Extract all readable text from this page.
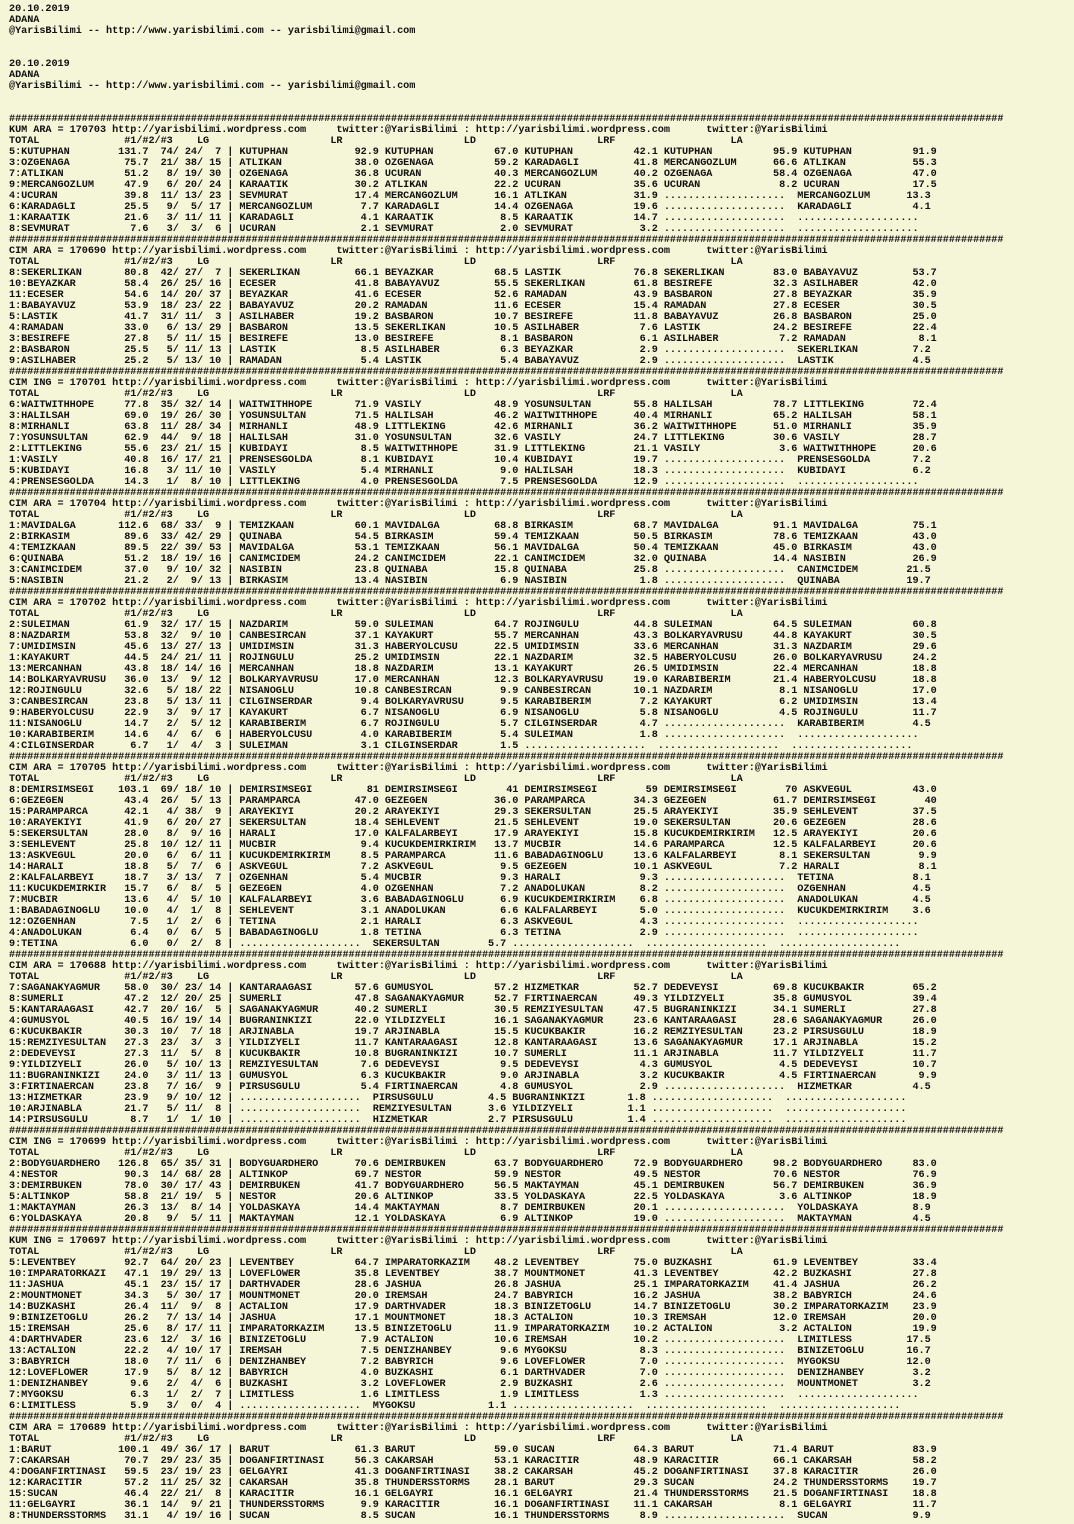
20.10.2019
ADANA
@YarisBilimi -- http://www.yarisbilimi.com -- yarisbilimi@gmail.com
20.10.2019
ADANA
@YarisBilimi -- http://www.yarisbilimi.com -- yarisbilimi@gmail.com
####################################################################################################################################################################
KUM ARA = 170703 http://yarisbilimi.wordpress.com     twitter:@YarisBilimi : http://yarisbilimi.wordpress.com      twitter:@YarisBilimi
TOTAL              #1/#2/#3    LG                    LR                    LD                    LRF                   LA
5:KUTUPHAN        131.7  74/ 24/  7 | KUTUPHAN           92.9 KUTUPHAN          67.0 KUTUPHAN          42.1 KUTUPHAN          95.9 KUTUPHAN          91.9
3:OZGENAGA         75.7  21/ 38/ 15 | ATLIKAN            38.0 OZGENAGA          59.2 KARADAGLI         41.8 MERCANGOZLUM      66.6 ATLIKAN           55.3
7:ATLIKAN          51.2   8/ 19/ 30 | OZGENAGA           36.8 UCURAN            40.3 MERCANGOZLUM      40.2 OZGENAGA          58.4 OZGENAGA          47.0
9:MERCANGOZLUM     47.9   6/ 20/ 24 | KARAATIK           30.2 ATLIKAN           22.2 UCURAN            35.6 UCURAN             8.2 UCURAN            17.5
4:UCURAN           39.8  11/ 13/ 23 | SEVMURAT           17.4 MERCANGOZLUM      16.1 ATLIKAN           31.9 ....................  MERCANGOZLUM      13.3
6:KARADAGLI        25.5   9/  5/ 17 | MERCANGOZLUM        7.7 KARADAGLI         14.4 OZGENAGA          19.6 ....................  KARADAGLI          4.1
1:KARAATIK         21.6   3/ 11/ 11 | KARADAGLI           4.1 KARAATIK           8.5 KARAATIK          14.7 ....................  ....................
8:SEVMURAT          7.6   3/  3/  6 | UCURAN              2.1 SEVMURAT           2.0 SEVMURAT           3.2 ....................  ....................
####################################################################################################################################################################
CIM ARA = 170690 http://yarisbilimi.wordpress.com     twitter:@YarisBilimi : http://yarisbilimi.wordpress.com      twitter:@YarisBilimi
TOTAL              #1/#2/#3    LG                    LR                    LD                    LRF                   LA
8:SEKERLIKAN       80.8  42/ 27/  7 | SEKERLIKAN         66.1 BEYAZKAR          68.5 LASTIK            76.8 SEKERLIKAN        83.0 BABAYAVUZ         53.7
10:BEYAZKAR        58.4  26/ 25/ 16 | ECESER             41.8 BABAYAVUZ         55.5 SEKERLIKAN        61.8 BESIREFE          32.3 ASILHABER         42.0
11:ECESER          54.6  14/ 20/ 37 | BEYAZKAR           41.6 ECESER            52.6 RAMADAN           43.9 BASBARON          27.8 BEYAZKAR          35.9
1:BABAYAVUZ        53.9  18/ 23/ 22 | BABAYAVUZ          20.2 RAMADAN           11.6 ECESER            15.4 RAMADAN           27.8 ECESER            30.5
5:LASTIK           41.7  31/ 11/  3 | ASILHABER          19.2 BASBARON          10.7 BESIREFE          11.8 BABAYAVUZ         26.8 BASBARON          25.0
4:RAMADAN          33.0   6/ 13/ 29 | BASBARON           13.5 SEKERLIKAN        10.5 ASILHABER          7.6 LASTIK            24.2 BESIREFE          22.4
3:BESIREFE         27.8   5/ 11/ 15 | BESIREFE           13.0 BESIREFE           8.1 BASBARON           6.1 ASILHABER          7.2 RAMADAN            8.1
2:BASBARON         25.5   5/ 11/ 13 | LASTIK              8.5 ASILHABER          6.3 BEYAZKAR           2.9 ....................  SEKERLIKAN         7.2
9:ASILHABER        25.2   5/ 13/ 10 | RAMADAN             5.4 LASTIK             5.4 BABAYAVUZ          2.9 ....................  LASTIK             4.5
####################################################################################################################################################################
CIM ING = 170701 http://yarisbilimi.wordpress.com     twitter:@YarisBilimi : http://yarisbilimi.wordpress.com      twitter:@YarisBilimi
TOTAL              #1/#2/#3    LG                    LR                    LD                    LRF                   LA
6:WAITWITHHOPE     77.8  35/ 32/ 14 | WAITWITHHOPE       71.9 VASILY            48.9 YOSUNSULTAN       55.8 HALILSAH          78.7 LITTLEKING        72.4
3:HALILSAH         69.0  19/ 26/ 30 | YOSUNSULTAN        71.5 HALILSAH          46.2 WAITWITHHOPE      40.4 MIRHANLI          65.2 HALILSAH          58.1
8:MIRHANLI         63.8  11/ 28/ 34 | MIRHANLI           48.9 LITTLEKING        42.6 MIRHANLI          36.2 WAITWITHHOPE      51.0 MIRHANLI          35.9
7:YOSUNSULTAN      62.9  44/  9/ 18 | HALILSAH           31.0 YOSUNSULTAN       32.6 VASILY            24.7 LITTLEKING        30.6 VASILY            28.7
2:LITTLEKING       55.6  23/ 21/ 15 | KUBIDAYI            8.5 WAITWITHHOPE      31.9 LITTLEKING        21.1 VASILY             3.6 WAITWITHHOPE      20.6
1:VASILY           40.8  16/ 17/ 21 | PRENSESGOLDA        8.1 KUBIDAYI          10.4 KUBIDAYI          19.7 ....................  PRENSESGOLDA       7.2
5:KUBIDAYI         16.8   3/ 11/ 10 | VASILY              5.4 MIRHANLI           9.0 HALILSAH          18.3 ....................  KUBIDAYI           6.2
4:PRENSESGOLDA     14.3   1/  8/ 10 | LITTLEKING          4.0 PRENSESGOLDA       7.5 PRENSESGOLDA      12.9 ....................  ....................
####################################################################################################################################################################
CIM ARA = 170704 http://yarisbilimi.wordpress.com     twitter:@YarisBilimi : http://yarisbilimi.wordpress.com      twitter:@YarisBilimi
TOTAL              #1/#2/#3    LG                    LR                    LD                    LRF                   LA
1:MAVIDALGA       112.6  68/ 33/  9 | TEMIZKAAN          60.1 MAVIDALGA         68.8 BIRKASIM          68.7 MAVIDALGA         91.1 MAVIDALGA         75.1
2:BIRKASIM         89.6  33/ 42/ 29 | QUINABA            54.5 BIRKASIM          59.4 TEMIZKAAN         50.5 BIRKASIM          78.6 TEMIZKAAN         43.0
4:TEMIZKAAN        89.5  22/ 39/ 53 | MAVIDALGA          53.1 TEMIZKAAN         56.1 MAVIDALGA         50.4 TEMIZKAAN         45.0 BIRKASIM          43.0
6:QUINABA          51.2  18/ 19/ 16 | CANIMCIDEM         24.2 CANIMCIDEM        22.1 CANIMCIDEM        32.0 QUINABA           14.4 NASIBIN           26.9
3:CANIMCIDEM       37.0   9/ 10/ 32 | NASIBIN            23.8 QUINABA           15.8 QUINABA           25.8 ....................  CANIMCIDEM        21.5
5:NASIBIN          21.2   2/  9/ 13 | BIRKASIM           13.4 NASIBIN            6.9 NASIBIN            1.8 ....................  QUINABA           19.7
####################################################################################################################################################################
CIM ARA = 170702 http://yarisbilimi.wordpress.com     twitter:@YarisBilimi : http://yarisbilimi.wordpress.com      twitter:@YarisBilimi
TOTAL              #1/#2/#3    LG                    LR                    LD                    LRF                   LA
2:SULEIMAN         61.9  32/ 17/ 15 | NAZDARIM           59.0 SULEIMAN          64.7 ROJINGULU         44.8 SULEIMAN          64.5 SULEIMAN          60.8
8:NAZDARIM         53.8  32/  9/ 10 | CANBESIRCAN        37.1 KAYAKURT          55.7 MERCANHAN         43.3 BOLKARYAVRUSU     44.8 KAYAKURT          30.5
7:UMIDIMSIN        45.6  13/ 27/ 13 | UMIDIMSIN          31.3 HABERYOLCUSU      22.5 UMIDIMSIN         33.6 MERCANHAN         31.3 NAZDARIM          29.6
1:KAYAKURT         44.5  24/ 21/ 11 | ROJINGULU          25.2 UMIDIMSIN         22.1 NAZDARIM          32.5 HABERYOLCUSU      26.0 BOLKARYAVRUSU     24.2
13:MERCANHAN       43.8  18/ 14/ 16 | MERCANHAN          18.8 NAZDARIM          13.1 KAYAKURT          26.5 UMIDIMSIN         22.4 MERCANHAN         18.8
14:BOLKARYAVRUSU   36.0  13/  9/ 12 | BOLKARYAVRUSU      17.0 MERCANHAN         12.3 BOLKARYAVRUSU     19.0 KARABIBERIM       21.4 HABERYOLCUSU      18.8
12:ROJINGULU       32.6   5/ 18/ 22 | NISANOGLU          10.8 CANBESIRCAN        9.9 CANBESIRCAN       10.1 NAZDARIM           8.1 NISANOGLU         17.0
3:CANBESIRCAN      23.8   5/ 13/ 11 | CILGINSERDAR        9.4 BOLKARYAVRUSU      9.5 KARABIBERIM        7.2 KAYAKURT           6.2 UMIDIMSIN         13.4
9:HABERYOLCUSU     22.9   3/  9/ 17 | KAYAKURT            6.7 NISANOGLU          6.9 NISANOGLU          5.8 NISANOGLU          4.5 ROJINGULU         11.7
11:NISANOGLU       14.7   2/  5/ 12 | KARABIBERIM         6.7 ROJINGULU          5.7 CILGINSERDAR       4.7 ....................  KARABIBERIM        4.5
10:KARABIBERIM     14.6   4/  6/  6 | HABERYOLCUSU        4.0 KARABIBERIM        5.4 SULEIMAN           1.8 ....................  ....................
4:CILGINSERDAR      6.7   1/  4/  3 | SULEIMAN            3.1 CILGINSERDAR       1.5 ....................  ....................  ....................
####################################################################################################################################################################
CIM ARA = 170705 http://yarisbilimi.wordpress.com     twitter:@YarisBilimi : http://yarisbilimi.wordpress.com      twitter:@YarisBilimi
TOTAL              #1/#2/#3    LG                    LR                    LD                    LRF                   LA
8:DEMIRSIMSEGI    103.1  69/ 18/ 10 | DEMIRSIMSEGI         81 DEMIRSIMSEGI        41 DEMIRSIMSEGI        59 DEMIRSIMSEGI        70 ASKVEGUL          43.0
6:GEZEGEN          43.4  26/  5/ 13 | PARAMPARCA         47.0 GEZEGEN           36.0 PARAMPARCA        34.3 GEZEGEN           61.7 DEMIRSIMSEGI        40
15:PARAMPARCA      42.1   4/ 38/  9 | ARAYEKIYI          20.2 ARAYEKIYI         29.3 SEKERSULTAN       25.5 ARAYEKIYI         35.9 SEHLEVENT         37.5
10:ARAYEKIYI       41.9   6/ 20/ 27 | SEKERSULTAN        18.4 SEHLEVENT         21.5 SEHLEVENT         19.0 SEKERSULTAN       20.6 GEZEGEN           28.6
5:SEKERSULTAN      28.0   8/  9/ 16 | HARALI             17.0 KALFALARBEYI      17.9 ARAYEKIYI         15.8 KUCUKDEMIRKIRIM   12.5 ARAYEKIYI         20.6
3:SEHLEVENT        25.8  10/ 12/ 11 | MUCBIR              9.4 KUCUKDEMIRKIRIM   13.7 MUCBIR            14.6 PARAMPARCA        12.5 KALFALARBEYI      20.6
13:ASKVEGUL        20.0   6/  6/ 11 | KUCUKDEMIRKIRIM     8.5 PARAMPARCA        11.6 BABADAGINOGLU     13.6 KALFALARBEYI       8.1 SEKERSULTAN        9.9
14:HARALI          18.8   5/  7/  6 | ASKVEGUL            7.2 ASKVEGUL           9.5 GEZEGEN           10.1 ASKVEGUL           7.2 HARALI             8.1
2:KALFALARBEYI     18.7   3/ 13/  7 | OZGENHAN            5.4 MUCBIR             9.3 HARALI             9.3 ....................  TETINA             8.1
11:KUCUKDEMIRKIR   15.7   6/  8/  5 | GEZEGEN             4.0 OZGENHAN           7.2 ANADOLUKAN         8.2 ....................  OZGENHAN           4.5
7:MUCBIR           13.6   4/  5/ 10 | KALFALARBEYI        3.6 BABADAGINOGLU      6.9 KUCUKDEMIRKIRIM    6.8 ....................  ANADOLUKAN         4.5
1:BABADAGINOGLU    10.0   4/  1/  8 | SEHLEVENT           3.1 ANADOLUKAN         6.6 KALFALARBEYI       5.0 ....................  KUCUKDEMIRKIRIM    3.6
12:OZGENHAN         7.5   1/  2/  6 | TETINA              2.1 HARALI             6.3 ASKVEGUL           4.3 ....................  ....................
4:ANADOLUKAN        6.4   0/  6/  5 | BABADAGINOGLU       1.8 TETINA             6.3 TETINA             2.9 ....................  ....................
9:TETINA            6.0   0/  2/  8 | ....................  SEKERSULTAN        5.7 ....................  ....................  ....................
####################################################################################################################################################################
CIM ARA = 170688 http://yarisbilimi.wordpress.com     twitter:@YarisBilimi : http://yarisbilimi.wordpress.com      twitter:@YarisBilimi
TOTAL              #1/#2/#3    LG                    LR                    LD                    LRF                   LA
7:SAGANAKYAGMUR    58.0  30/ 23/ 14 | KANTARAAGASI       57.6 GUMUSYOL          57.2 HIZMETKAR         52.7 DEDEVEYSI         69.8 KUCUKBAKIR        65.2
8:SUMERLI          47.2  12/ 20/ 25 | SUMERLI            47.8 SAGANAKYAGMUR     52.7 FIRTINAERCAN      49.3 YILDIZYELI        35.8 GUMUSYOL          39.4
5:KANTARAAGASI     42.7  20/ 16/  5 | SAGANAKYAGMUR      40.2 SUMERLI           30.5 REMZIYESULTAN     47.5 BUGRANINKIZI      34.1 SUMERLI           27.8
4:GUMUSYOL         40.5  16/ 19/ 14 | BUGRANINKIZI       22.0 YILDIZYELI        16.1 SAGANAKYAGMUR     23.6 KANTARAAGASI      28.6 SAGANAKYAGMUR     26.0
6:KUCUKBAKIR       30.3  10/  7/ 18 | ARJINABLA          19.7 ARJINABLA         15.5 KUCUKBAKIR        16.2 REMZIYESULTAN     23.2 PIRSUSGULU        18.9
15:REMZIYESULTAN   27.3  23/  3/  3 | YILDIZYELI         11.7 KANTARAAGASI      12.8 KANTARAAGASI      13.6 SAGANAKYAGMUR     17.1 ARJINABLA         15.2
2:DEDEVEYSI        27.3  11/  5/  8 | KUCUKBAKIR         10.8 BUGRANINKIZI      10.7 SUMERLI           11.1 ARJINABLA         11.7 YILDIZYELI        11.7
9:YILDIZYELI       26.0   5/ 10/ 13 | REMZIYESULTAN       7.6 DEDEVEYSI          9.5 DEDEVEYSI          4.3 GUMUSYOL           4.5 DEDEVEYSI         10.7
11:BUGRANINKIZI    24.0   3/ 11/ 13 | GUMUSYOL            6.3 KUCUKBAKIR         9.0 ARJINABLA          3.2 KUCUKBAKIR         4.5 FIRTINAERCAN       9.9
3:FIRTINAERCAN     23.8   7/ 16/  9 | PIRSUSGULU          5.4 FIRTINAERCAN       4.8 GUMUSYOL           2.9 ....................  HIZMETKAR          4.5
13:HIZMETKAR       23.9   9/ 10/ 12 | ....................  PIRSUSGULU         4.5 BUGRANINKIZI       1.8 ....................  ....................
10:ARJINABLA       21.7   5/ 11/  8 | ....................  REMZIYESULTAN      3.6 YILDIZYELI         1.1 ....................  ....................
14:PIRSUSGULU       8.7   1/  1/ 10 | ....................  HIZMETKAR          2.7 PIRSUSGULU         1.4 ....................  ....................
####################################################################################################################################################################
CIM ING = 170699 http://yarisbilimi.wordpress.com     twitter:@YarisBilimi : http://yarisbilimi.wordpress.com      twitter:@YarisBilimi
TOTAL              #1/#2/#3    LG                    LR                    LD                    LRF                   LA
2:BODYGUARDHERO   126.8  65/ 35/ 31 | BODYGUARDHERO      70.6 DEMIRBUKEN        63.7 BODYGUARDHERO     72.9 BODYGUARDHERO     98.2 BODYGUARDHERO     83.0
4:NESTOR           90.3  14/ 68/ 28 | ALTINKOP           69.7 NESTOR            59.9 NESTOR            49.5 NESTOR            70.6 NESTOR            76.9
3:DEMIRBUKEN       78.0  30/ 17/ 43 | DEMIRBUKEN         41.7 BODYGUARDHERO     56.5 MAKTAYMAN         45.1 DEMIRBUKEN        56.7 DEMIRBUKEN        36.9
5:ALTINKOP         58.8  21/ 19/  5 | NESTOR             20.6 ALTINKOP          33.5 YOLDASKAYA        22.5 YOLDASKAYA         3.6 ALTINKOP          18.9
1:MAKTAYMAN        26.3  13/  8/ 14 | YOLDASKAYA         14.4 MAKTAYMAN          8.7 DEMIRBUKEN        20.1 ....................  YOLDASKAYA         8.9
6:YOLDASKAYA       20.8   9/  5/ 11 | MAKTAYMAN          12.1 YOLDASKAYA         6.9 ALTINKOP          19.0 ....................  MAKTAYMAN          4.5
####################################################################################################################################################################
KUM ING = 170697 http://yarisbilimi.wordpress.com     twitter:@YarisBilimi : http://yarisbilimi.wordpress.com      twitter:@YarisBilimi
TOTAL              #1/#2/#3    LG                    LR                    LD                    LRF                   LA
5:LEVENTBEY        92.7  64/ 20/ 23 | LEVENTBEY          64.7 IMPARATORKAZIM    48.2 LEVENTBEY         75.0 BUZKASHI          61.9 LEVENTBEY         33.4
10:IMPARATORKAZI   47.1  19/ 29/ 13 | LOVEFLOWER         35.8 LEVENTBEY         38.7 MOUNTMONET        41.3 LEVENTBEY         42.2 BUZKASHI          27.8
11:JASHUA          45.1  23/ 15/ 17 | DARTHVADER         28.6 JASHUA            26.8 JASHUA            25.1 IMPARATORKAZIM    41.4 JASHUA            26.2
2:MOUNTMONET       34.3   5/ 30/ 17 | MOUNTMONET         20.0 IREMSAH           24.7 BABYRICH          16.2 JASHUA            38.2 BABYRICH          24.6
14:BUZKASHI        26.4  11/  9/  8 | ACTALION           17.9 DARTHVADER        18.3 BINIZETOGLU       14.7 BINIZETOGLU       30.2 IMPARATORKAZIM    23.9
9:BINIZETOGLU      26.2   7/ 13/ 14 | JASHUA             17.1 MOUNTMONET        18.3 ACTALION          10.3 IREMSAH           12.0 IREMSAH           20.0
15:IREMSAH         25.6   8/ 17/ 11 | IMPARATORKAZIM     13.5 BINIZETOGLU       11.9 IMPARATORKAZIM    10.2 ACTALION           3.2 ACTALION          19.9
4:DARTHVADER       23.6  12/  3/ 16 | BINIZETOGLU         7.9 ACTALION          10.6 IREMSAH           10.2 ....................  LIMITLESS         17.5
13:ACTALION        22.2   4/ 10/ 17 | IREMSAH             7.5 DENIZHANBEY        9.6 MYGOKSU            8.3 ....................  BINIZETOGLU       16.7
3:BABYRICH         18.0   7/ 11/  6 | DENIZHANBEY         7.2 BABYRICH           9.6 LOVEFLOWER         7.0 ....................  MYGOKSU           12.0
12:LOVEFLOWER      17.9   5/  8/ 12 | BABYRICH            4.0 BUZKASHI           6.1 DARTHVADER         7.0 ....................  DENIZHANBEY        3.2
1:DENIZHANBEY       9.6   2/  4/  6 | BUZKASHI            3.2 LOVEFLOWER         2.9 BUZKASHI           2.6 ....................  MOUNTMONET         3.2
7:MYGOKSU           6.3   1/  2/  7 | LIMITLESS           1.6 LIMITLESS          1.9 LIMITLESS          1.3 ....................  ....................
6:LIMITLESS         5.9   3/  0/  4 | ....................  MYGOKSU            1.1 ....................  ....................  ....................
####################################################################################################################################################################
CIM ARA = 170689 http://yarisbilimi.wordpress.com     twitter:@YarisBilimi : http://yarisbilimi.wordpress.com      twitter:@YarisBilimi
TOTAL              #1/#2/#3    LG                    LR                    LD                    LRF                   LA
1:BARUT           100.1  49/ 36/ 17 | BARUT              61.3 BARUT             59.0 SUCAN             64.3 BARUT             71.4 BARUT             83.9
7:CAKARSAH         70.7  29/ 23/ 35 | DOGANFIRTINASI     56.3 CAKARSAH          53.1 KARACITIR         48.9 KARACITIR         66.1 CAKARSAH          58.2
4:DOGANFIRTINASI   59.5  23/ 19/ 23 | GELGAYRI           41.3 DOGANFIRTINASI    38.2 CAKARSAH          45.2 DOGANFIRTINASI    37.8 KARACITIR         26.0
12:KARACITIR       57.2  11/ 25/ 32 | CAKARSAH           35.8 THUNDERSSTORMS    28.1 BARUT             29.3 SUCAN             24.2 THUNDERSSTORMS    19.7
15:SUCAN           46.4  22/ 21/  8 | KARACITIR          16.1 GELGAYRI          16.1 GELGAYRI          21.4 THUNDERSSTORMS    21.5 DOGANFIRTINASI    18.8
11:GELGAYRI        36.1  14/  9/ 21 | THUNDERSSTORMS      9.9 KARACITIR         16.1 DOGANFIRTINASI    11.1 CAKARSAH           8.1 GELGAYRI          11.7
8:THUNDERSSTORMS   31.1   4/ 19/ 16 | SUCAN               8.5 SUCAN             16.1 THUNDERSSTORMS     8.9 ....................  SUCAN              9.9
